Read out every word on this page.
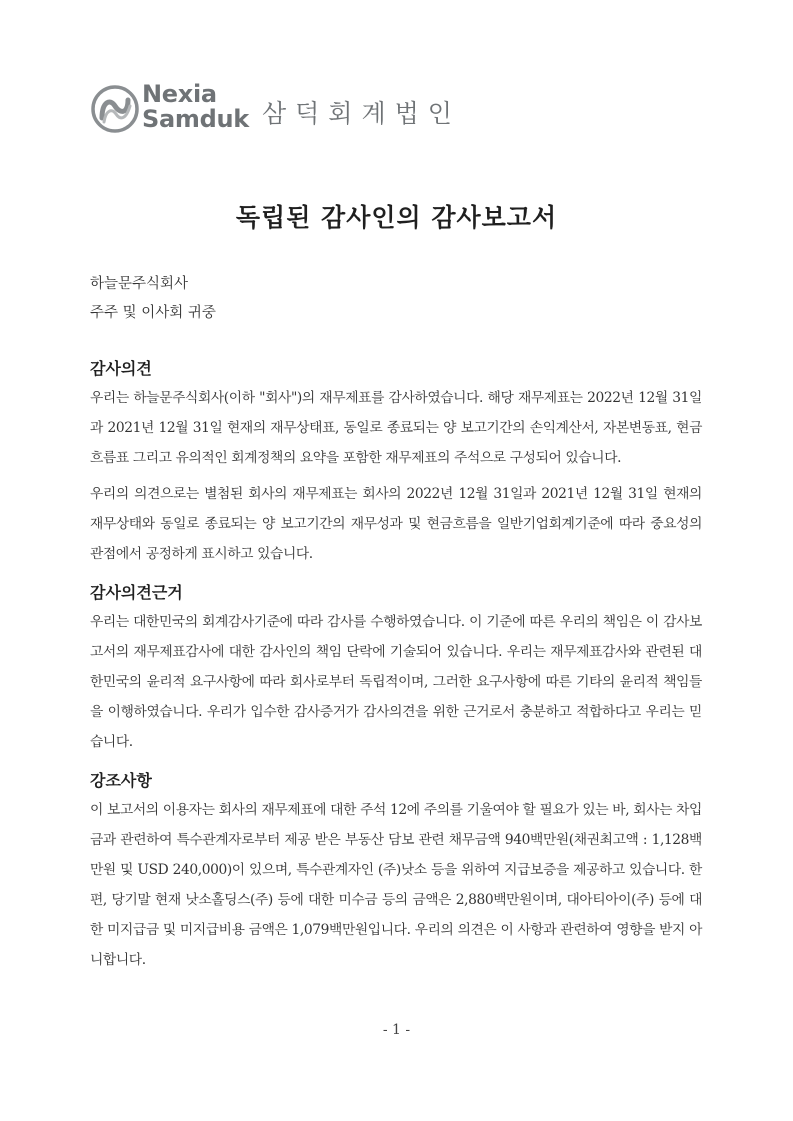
Nexia
Samduk 삼덕회계법인
독립된 감사인의 감사보고서
하늘문주식회사
주주 및 이사회 귀중
감사의견

우리는 하늘문주식회사(이하 "회사")의 재무제표를 감사하였습니다. 해당 재무제표는 2022년 12월 31일과 2021년 12월 31일 현재의 재무상태표, 동일로 종료되는 양 보고기간의 손익계산서, 자본변동표, 현금흐름표 그리고 유의적인 회계정책의 요약을 포함한 재무제표의 주석으로 구성되어 있습니다.

우리의 의견으로는 별첨된 회사의 재무제표는 회사의 2022년 12월 31일과 2021년 12월 31일 현재의 재무상태와 동일로 종료되는 양 보고기간의 재무성과 및 현금흐름을 일반기업회계기준에 따라 중요성의 관점에서 공정하게 표시하고 있습니다.

감사의견근거

우리는 대한민국의 회계감사기준에 따라 감사를 수행하였습니다. 이 기준에 따른 우리의 책임은 이 감사보고서의 재무제표감사에 대한 감사인의 책임 단락에 기술되어 있습니다. 우리는 재무제표감사와 관련된 대한민국의 윤리적 요구사항에 따라 회사로부터 독립적이며, 그러한 요구사항에 따른 기타의 윤리적 책임들을 이행하였습니다. 우리가 입수한 감사증거가 감사의견을 위한 근거로서 충분하고 적합하다고 우리는 믿습니다.

강조사항

이 보고서의 이용자는 회사의 재무제표에 대한 주석 12에 주의를 기울여야 할 필요가 있는 바, 회사는 차입금과 관련하여 특수관계자로부터 제공 받은 부동산 담보 관련 채무금액 940백만원(채권최고액 : 1,128백만원 및 USD 240,000)이 있으며, 특수관계자인 (주)낫소 등을 위하여 지급보증을 제공하고 있습니다. 한편, 당기말 현재 낫소홀딩스(주) 등에 대한 미수금 등의 금액은 2,880백만원이며, 대아티아이(주) 등에 대한 미지급금 및 미지급비용 금액은 1,079백만원입니다. 우리의 의견은 이 사항과 관련하여 영향을 받지 아니합니다.

- 1 -
